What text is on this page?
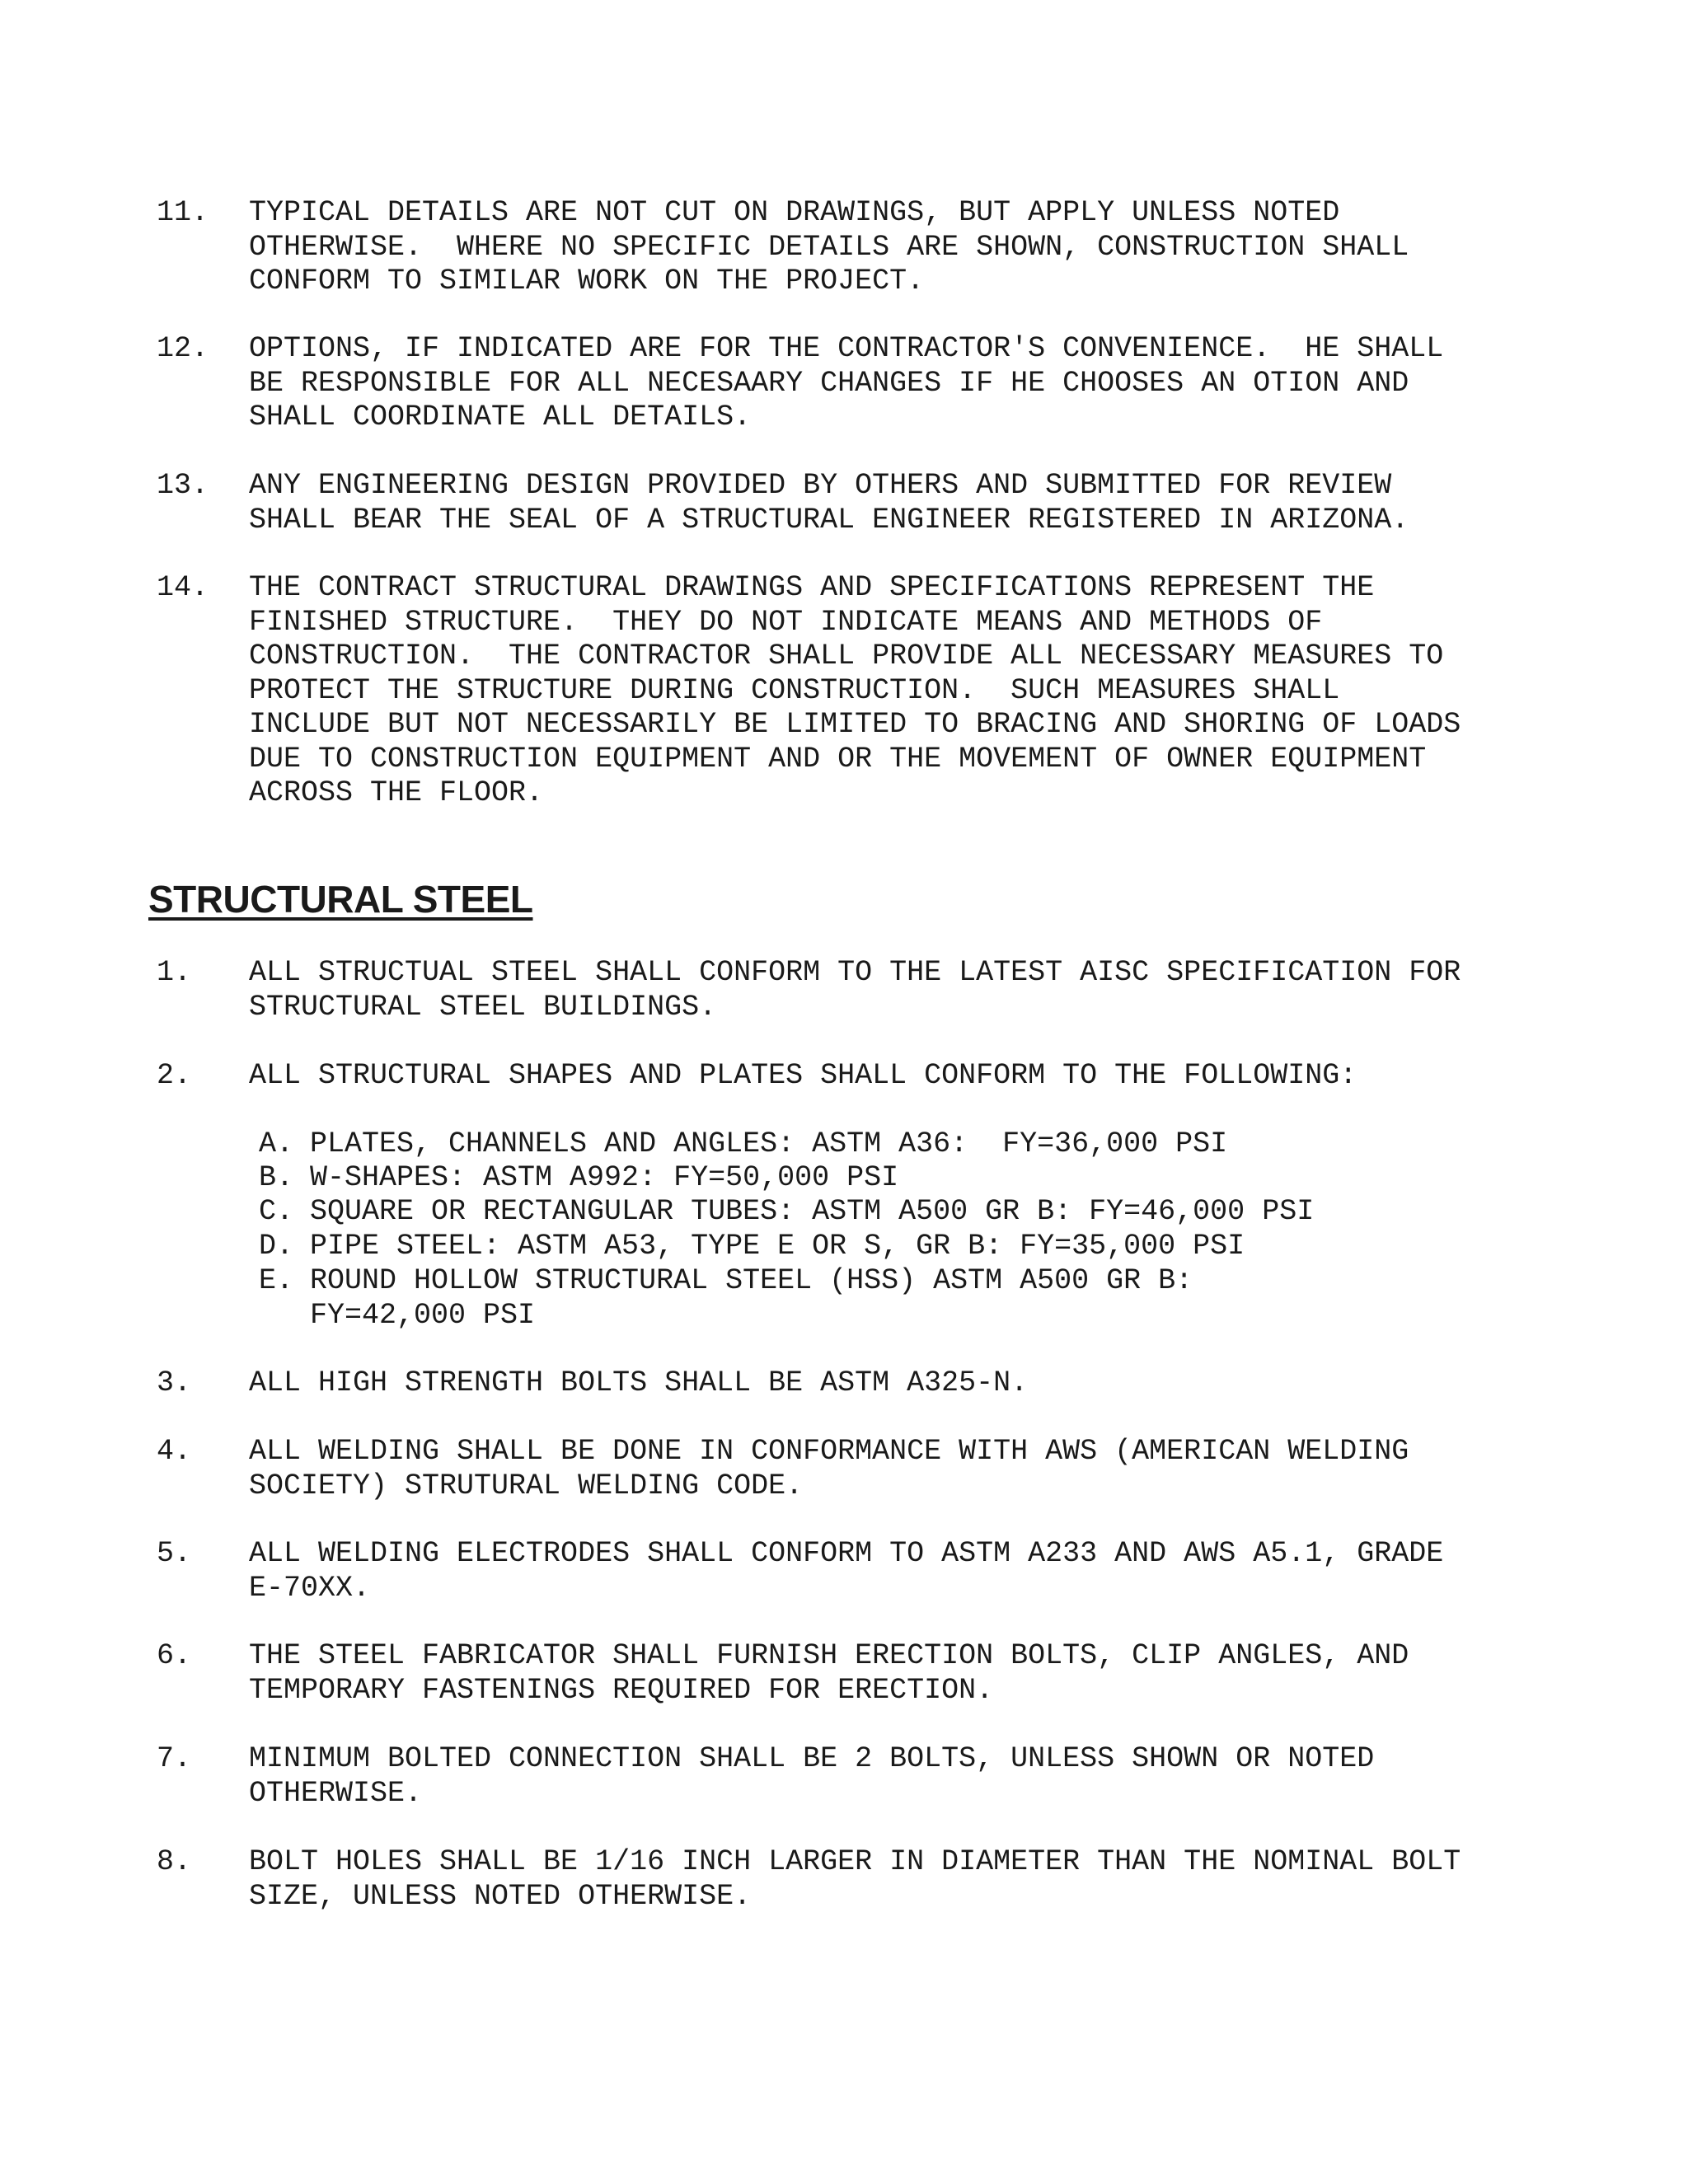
11.	TYPICAL DETAILS ARE NOT CUT ON DRAWINGS, BUT APPLY UNLESS NOTED
OTHERWISE.  WHERE NO SPECIFIC DETAILS ARE SHOWN, CONSTRUCTION SHALL
CONFORM TO SIMILAR WORK ON THE PROJECT.
12.	OPTIONS, IF INDICATED ARE FOR THE CONTRACTOR'S CONVENIENCE.  HE SHALL
BE RESPONSIBLE FOR ALL NECESAARY CHANGES IF HE CHOOSES AN OTION AND
SHALL COORDINATE ALL DETAILS.
13.	ANY ENGINEERING DESIGN PROVIDED BY OTHERS AND SUBMITTED FOR REVIEW
SHALL BEAR THE SEAL OF A STRUCTURAL ENGINEER REGISTERED IN ARIZONA.
14.	THE CONTRACT STRUCTURAL DRAWINGS AND SPECIFICATIONS REPRESENT THE
FINISHED STRUCTURE.  THEY DO NOT INDICATE MEANS AND METHODS OF
CONSTRUCTION.  THE CONTRACTOR SHALL PROVIDE ALL NECESSARY MEASURES TO
PROTECT THE STRUCTURE DURING CONSTRUCTION.  SUCH MEASURES SHALL
INCLUDE BUT NOT NECESSARILY BE LIMITED TO BRACING AND SHORING OF LOADS
DUE TO CONSTRUCTION EQUIPMENT AND OR THE MOVEMENT OF OWNER EQUIPMENT
ACROSS THE FLOOR.
STRUCTURAL STEEL
1.	ALL STRUCTUAL STEEL SHALL CONFORM TO THE LATEST AISC SPECIFICATION FOR
STRUCTURAL STEEL BUILDINGS.
2.	ALL STRUCTURAL SHAPES AND PLATES SHALL CONFORM TO THE FOLLOWING:
A. PLATES, CHANNELS AND ANGLES: ASTM A36:  FY=36,000 PSI
B. W-SHAPES: ASTM A992: FY=50,000 PSI
C. SQUARE OR RECTANGULAR TUBES: ASTM A500 GR B: FY=46,000 PSI
D. PIPE STEEL: ASTM A53, TYPE E OR S, GR B: FY=35,000 PSI
E. ROUND HOLLOW STRUCTURAL STEEL (HSS) ASTM A500 GR B:
FY=42,000 PSI
3.	ALL HIGH STRENGTH BOLTS SHALL BE ASTM A325-N.
4.	ALL WELDING SHALL BE DONE IN CONFORMANCE WITH AWS (AMERICAN WELDING
SOCIETY) STRUTURAL WELDING CODE.
5.	ALL WELDING ELECTRODES SHALL CONFORM TO ASTM A233 AND AWS A5.1, GRADE
E-70XX.
6.	THE STEEL FABRICATOR SHALL FURNISH ERECTION BOLTS, CLIP ANGLES, AND
TEMPORARY FASTENINGS REQUIRED FOR ERECTION.
7.	MINIMUM BOLTED CONNECTION SHALL BE 2 BOLTS, UNLESS SHOWN OR NOTED
OTHERWISE.
8.	BOLT HOLES SHALL BE 1/16 INCH LARGER IN DIAMETER THAN THE NOMINAL BOLT
SIZE, UNLESS NOTED OTHERWISE.
